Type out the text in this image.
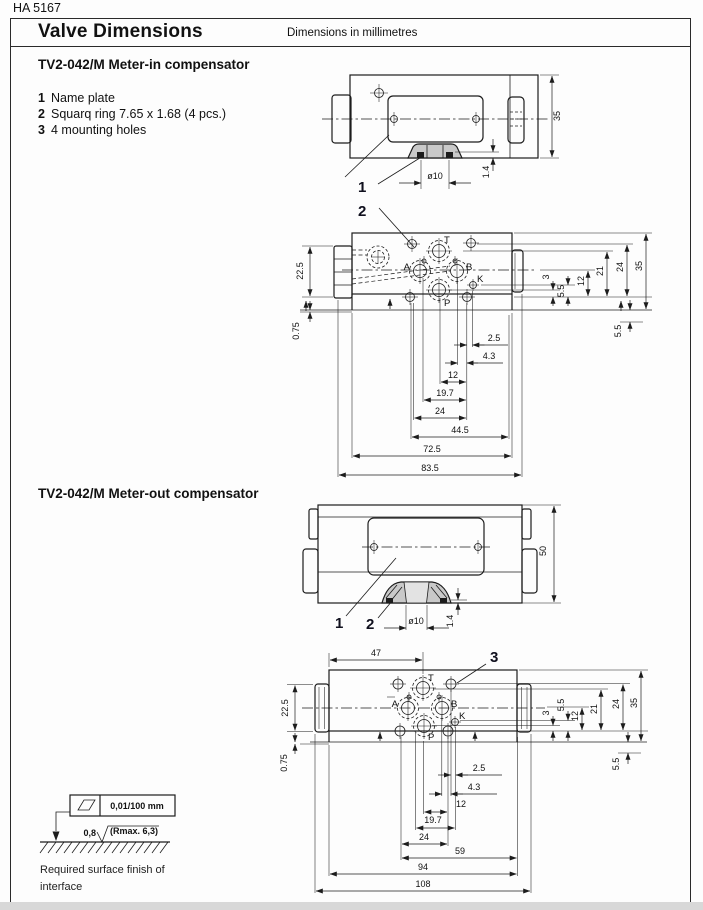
HA 5167
Valve Dimensions	Dimensions in millimetres
TV2-042/M Meter-in compensator
1 Name plate
2 Squarq ring 7.65 x 1.68 (4 pcs.)
3 4 mounting holes
TV2-042/M Meter-out compensator
ø10	1.4
35
1
2
T
A	B
P
K	3
5.5
12
21 24 35
5.5
22.5
0.75	2.5
4.3
12
19.7
24
44.5
72.5
83.5
ø10 1.4
50
1 2
T
A	B
P
K
47	3
3
5.5
12
21 24 35
5.5
22.5
0.75	2.5
4.3
12
19.7
24
59
94
108
0,01/100 mm
0,8 (Rmax. 6,3)
Required surface finish of
interface
